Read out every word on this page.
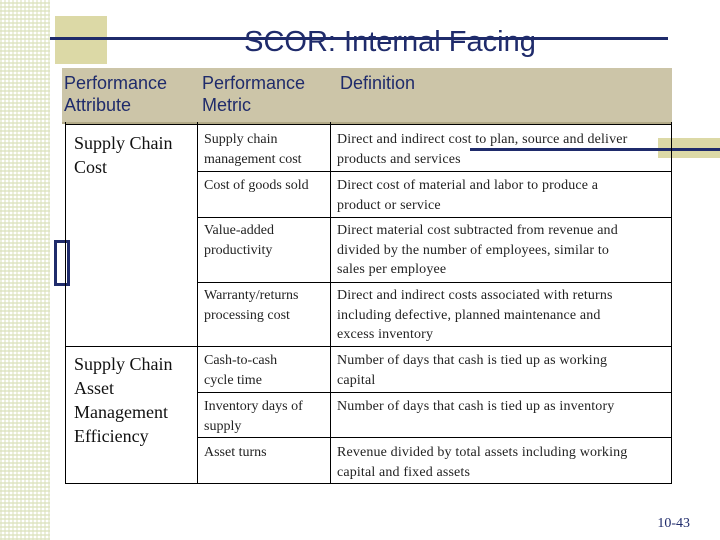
SCOR: Internal Facing
Performance
Attribute
Performance
Metric
Definition
Supply Chain
Cost
Supply Chain
Asset
Management
Efficiency
Supply chain
management cost
Direct and indirect cost to plan, source and deliver
products and services
Cost of goods sold	Direct cost of material and labor to produce a
product or service
Value-added
productivity
Direct material cost subtracted from revenue and
divided by the number of employees, similar to
sales per employee
Warranty/returns
processing cost
Direct and indirect costs associated with returns
including defective, planned maintenance and
excess inventory
Cash-to-cash
cycle time
Number of days that cash is tied up as working
capital
Inventory days of
supply
Number of days that cash is tied up as inventory
Asset turns	Revenue divided by total assets including working
capital and fixed assets
10-43
